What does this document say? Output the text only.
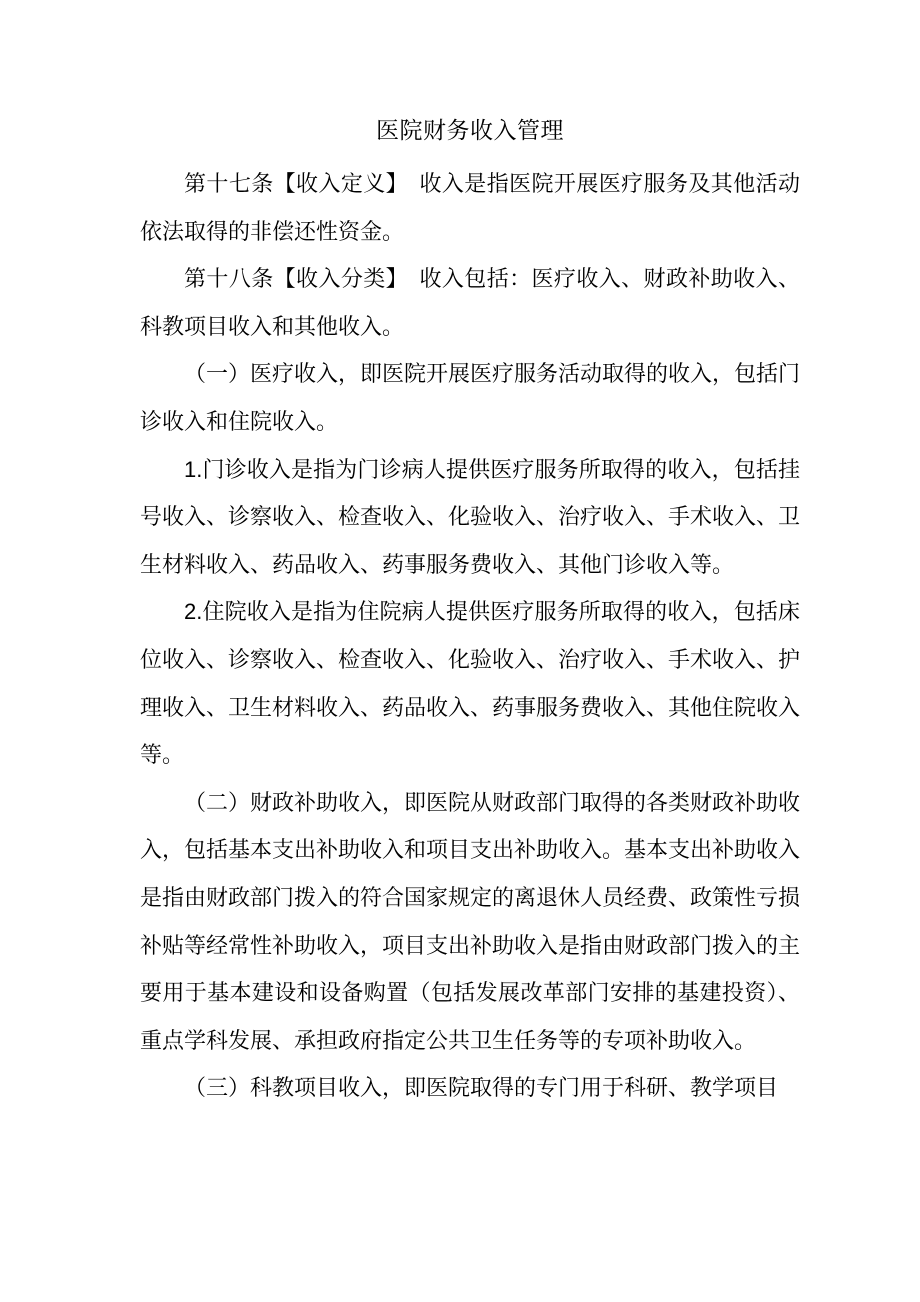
医院财务收入管理

第十七条【收入定义】　收入是指医院开展医疗服务及其他活动依法取得的非偿还性资金。

第十八条【收入分类】　收入包括：医疗收入、财政补助收入、科教项目收入和其他收入。

（一）医疗收入，即医院开展医疗服务活动取得的收入，包括门诊收入和住院收入。

1.门诊收入是指为门诊病人提供医疗服务所取得的收入，包括挂号收入、诊察收入、检查收入、化验收入、治疗收入、手术收入、卫生材料收入、药品收入、药事服务费收入、其他门诊收入等。

2.住院收入是指为住院病人提供医疗服务所取得的收入，包括床位收入、诊察收入、检查收入、化验收入、治疗收入、手术收入、护理收入、卫生材料收入、药品收入、药事服务费收入、其他住院收入等。

（二）财政补助收入，即医院从财政部门取得的各类财政补助收入，包括基本支出补助收入和项目支出补助收入。基本支出补助收入是指由财政部门拨入的符合国家规定的离退休人员经费、政策性亏损补贴等经常性补助收入，项目支出补助收入是指由财政部门拨入的主要用于基本建设和设备购置（包括发展改革部门安排的基建投资）、重点学科发展、承担政府指定公共卫生任务等的专项补助收入。

（三）科教项目收入，即医院取得的专门用于科研、教学项目
